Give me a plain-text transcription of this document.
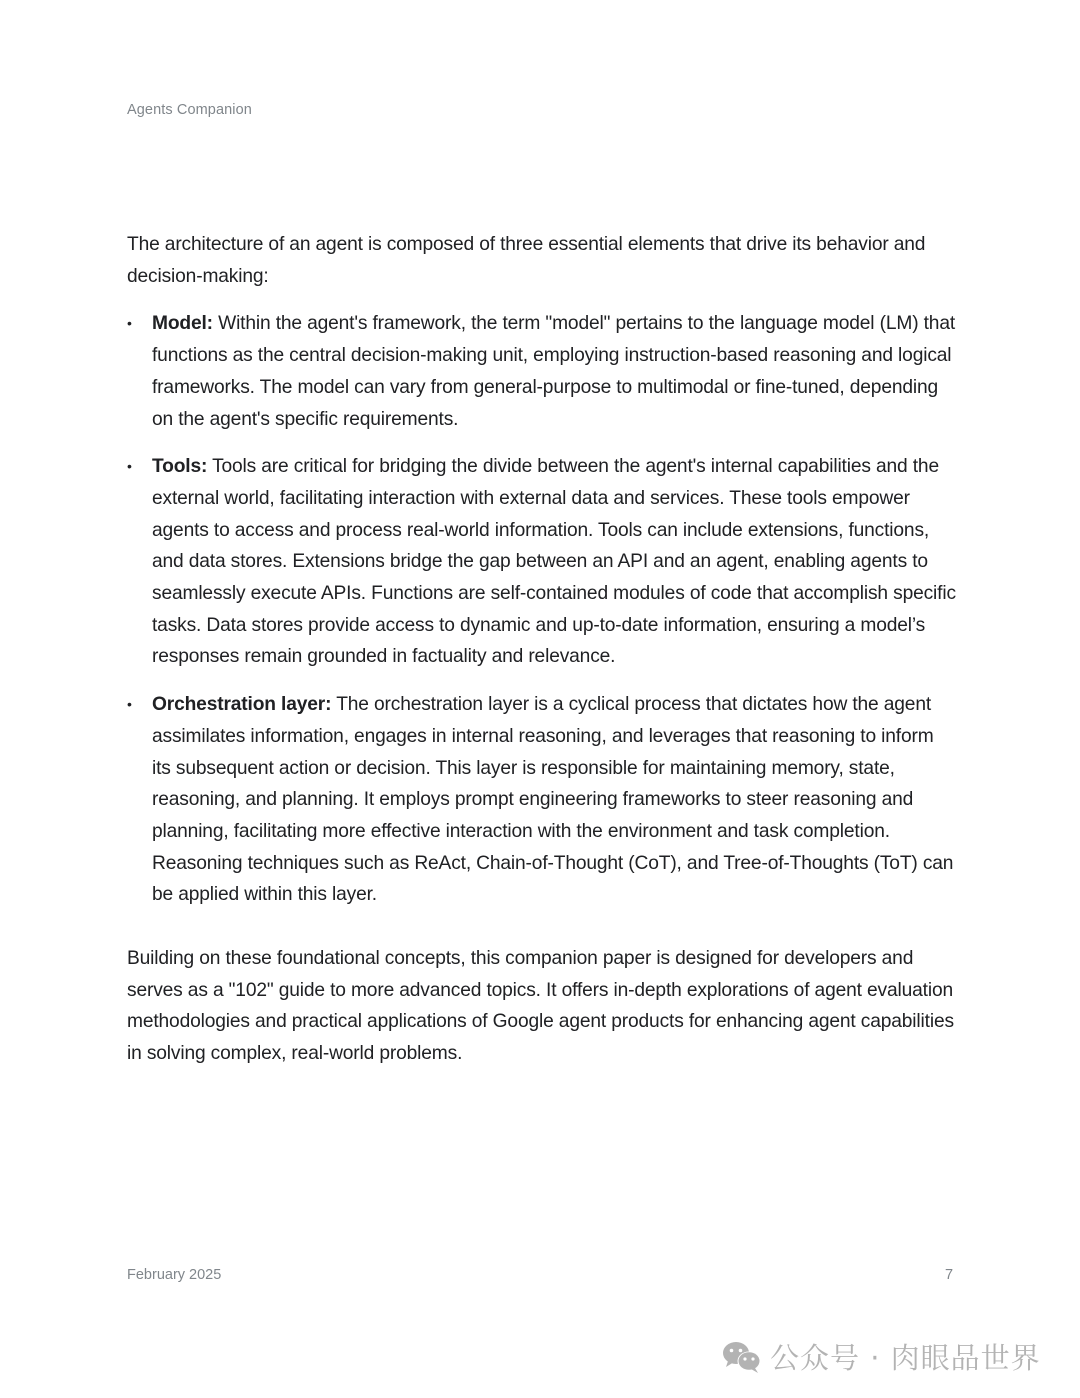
Agents Companion

The architecture of an agent is composed of three essential elements that drive its behavior and decision-making:

• Model: Within the agent's framework, the term "model" pertains to the language model (LM) that functions as the central decision-making unit, employing instruction-based reasoning and logical frameworks. The model can vary from general-purpose to multimodal or fine-tuned, depending on the agent's specific requirements.
• Tools: Tools are critical for bridging the divide between the agent's internal capabilities and the external world, facilitating interaction with external data and services. These tools empower agents to access and process real-world information. Tools can include extensions, functions, and data stores. Extensions bridge the gap between an API and an agent, enabling agents to seamlessly execute APIs. Functions are self-contained modules of code that accomplish specific tasks. Data stores provide access to dynamic and up-to-date information, ensuring a model’s responses remain grounded in factuality and relevance.
• Orchestration layer: The orchestration layer is a cyclical process that dictates how the agent assimilates information, engages in internal reasoning, and leverages that reasoning to inform its subsequent action or decision. This layer is responsible for maintaining memory, state, reasoning, and planning. It employs prompt engineering frameworks to steer reasoning and planning, facilitating more effective interaction with the environment and task completion. Reasoning techniques such as ReAct, Chain-of-Thought (CoT), and Tree-of-Thoughts (ToT) can be applied within this layer.

Building on these foundational concepts, this companion paper is designed for developers and serves as a "102" guide to more advanced topics. It offers in-depth explorations of agent evaluation methodologies and practical applications of Google agent products for enhancing agent capabilities in solving complex, real-world problems.

February 2025	7
公众号 · 肉眼品世界
